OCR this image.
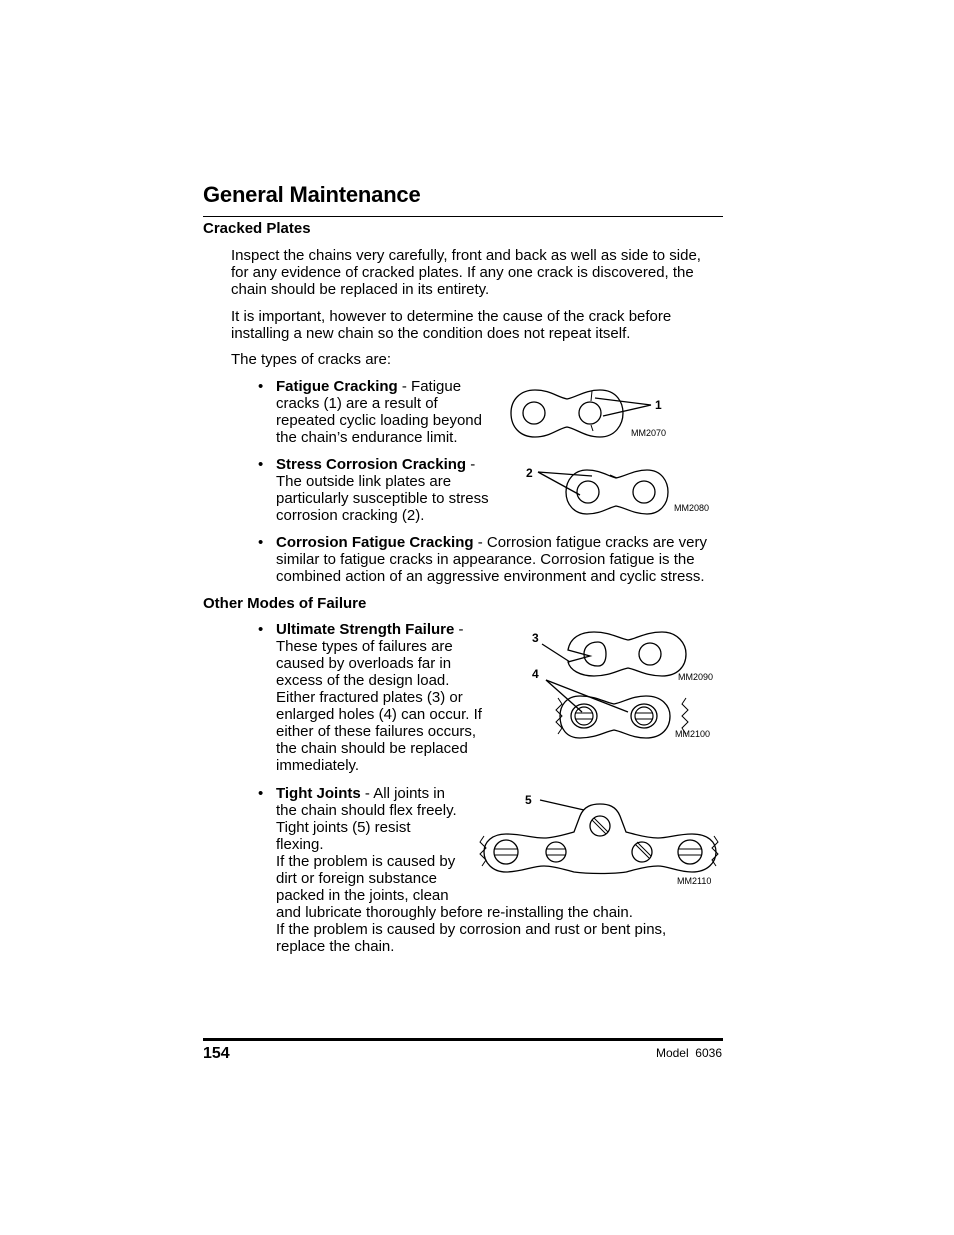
General Maintenance
Cracked Plates
Inspect the chains very carefully, front and back as well as side to side,
for any evidence of cracked plates. If any one crack is discovered, the
chain should be replaced in its entirety.
It is important, however to determine the cause of the crack before
installing a new chain so the condition does not repeat itself.
The types of cracks are:
• Fatigue Cracking - Fatigue
cracks (1) are a result of
repeated cyclic loading beyond
the chain’s endurance limit.
• Stress Corrosion Cracking -
The outside link plates are
particularly susceptible to stress
corrosion cracking (2).
• Corrosion Fatigue Cracking - Corrosion fatigue cracks are very
similar to fatigue cracks in appearance. Corrosion fatigue is the
combined action of an aggressive environment and cyclic stress.
Other Modes of Failure
• Ultimate Strength Failure -
These types of failures are
caused by overloads far in
excess of the design load.
Either fractured plates (3) or
enlarged holes (4) can occur. If
either of these failures occurs,
the chain should be replaced
immediately.
• Tight Joints - All joints in
the chain should flex freely.
Tight joints (5) resist
flexing.
If the problem is caused by
dirt or foreign substance
packed in the joints, clean
and lubricate thoroughly before re-installing the chain.
If the problem is caused by corrosion and rust or bent pins,
replace the chain.
1
MM2070
2
MM2080
3
4	MM2090
MM2100
5
MM2110
154	Model  6036
